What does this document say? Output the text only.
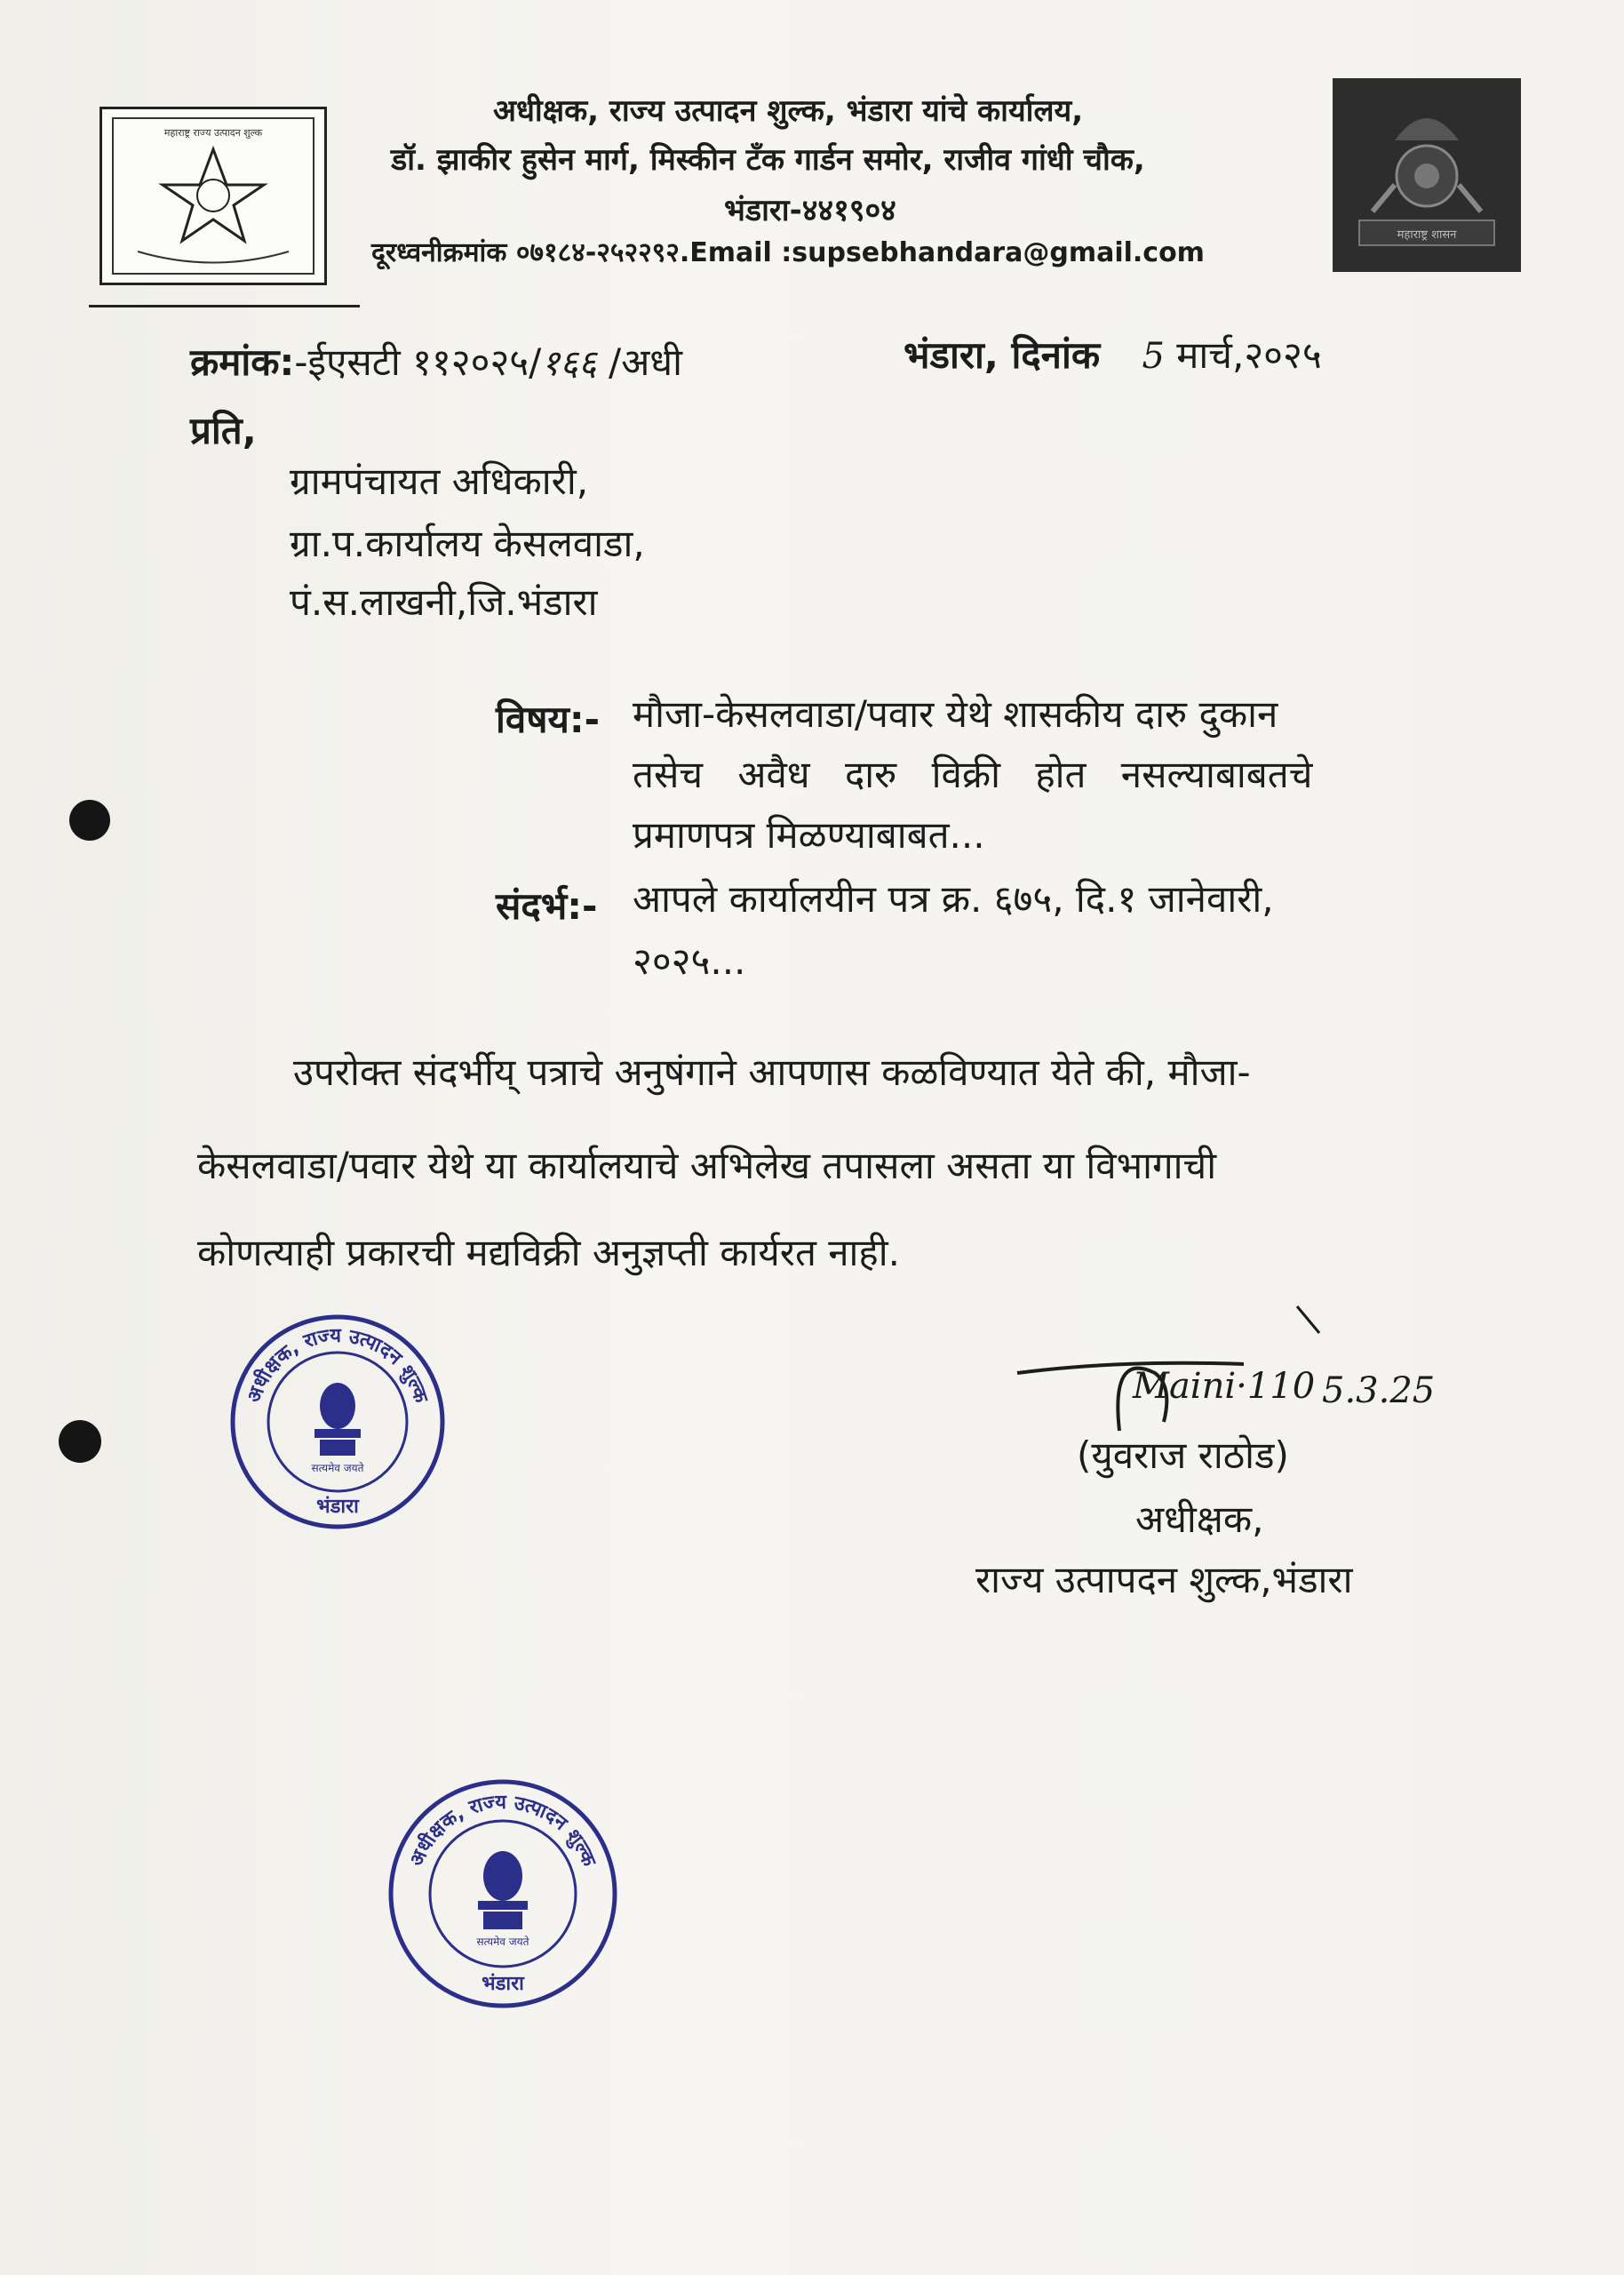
महाराष्ट्र राज्य उत्पादन शुल्क
अधीक्षक, राज्य उत्पादन शुल्क, भंडारा यांचे कार्यालय,
डॉ. झाकीर हुसेन मार्ग, मिस्कीन टँक गार्डन समोर, राजीव गांधी चौक,
भंडारा-४४१९०४
दूरध्वनीक्रमांक ०७१८४-२५२२९२.Email :supsebhandara@gmail.com
महाराष्ट्र शासन
क्रमांक:-ईएसटी ११२०२५/१६६ /अधी	भंडारा, दिनांक 5 मार्च,२०२५
प्रति,
ग्रामपंचायत अधिकारी,
ग्रा.प.कार्यालय केसलवाडा,
पं.स.लाखनी,जि.भंडारा
विषय:- मौजा-केसलवाडा/पवार येथे शासकीय दारु दुकान
तसेच अवैध दारु विक्री होत नसल्याबाबतचे
प्रमाणपत्र मिळण्याबाबत...
संदर्भ:- आपले कार्यालयीन पत्र क्र. ६७५, दि.१ जानेवारी,
२०२५...
उपरोक्त संदर्भीय् पत्राचे अनुषंगाने आपणास कळविण्यात येते की, मौजा-
केसलवाडा/पवार येथे या कार्यालयाचे अभिलेख तपासला असता या विभागाची
कोणत्याही प्रकारची मद्यविक्री अनुज्ञप्ती कार्यरत नाही.
अधीक्षक, राज्य उत्पादन शुल्क
सत्यमेव जयते
भंडारा
अधीक्षक, राज्य उत्पादन शुल्क
सत्यमेव जयते
भंडारा
Maini·110 5.3.25
(युवराज राठोड)
अधीक्षक,
राज्य उत्पापदन शुल्क,भंडारा
